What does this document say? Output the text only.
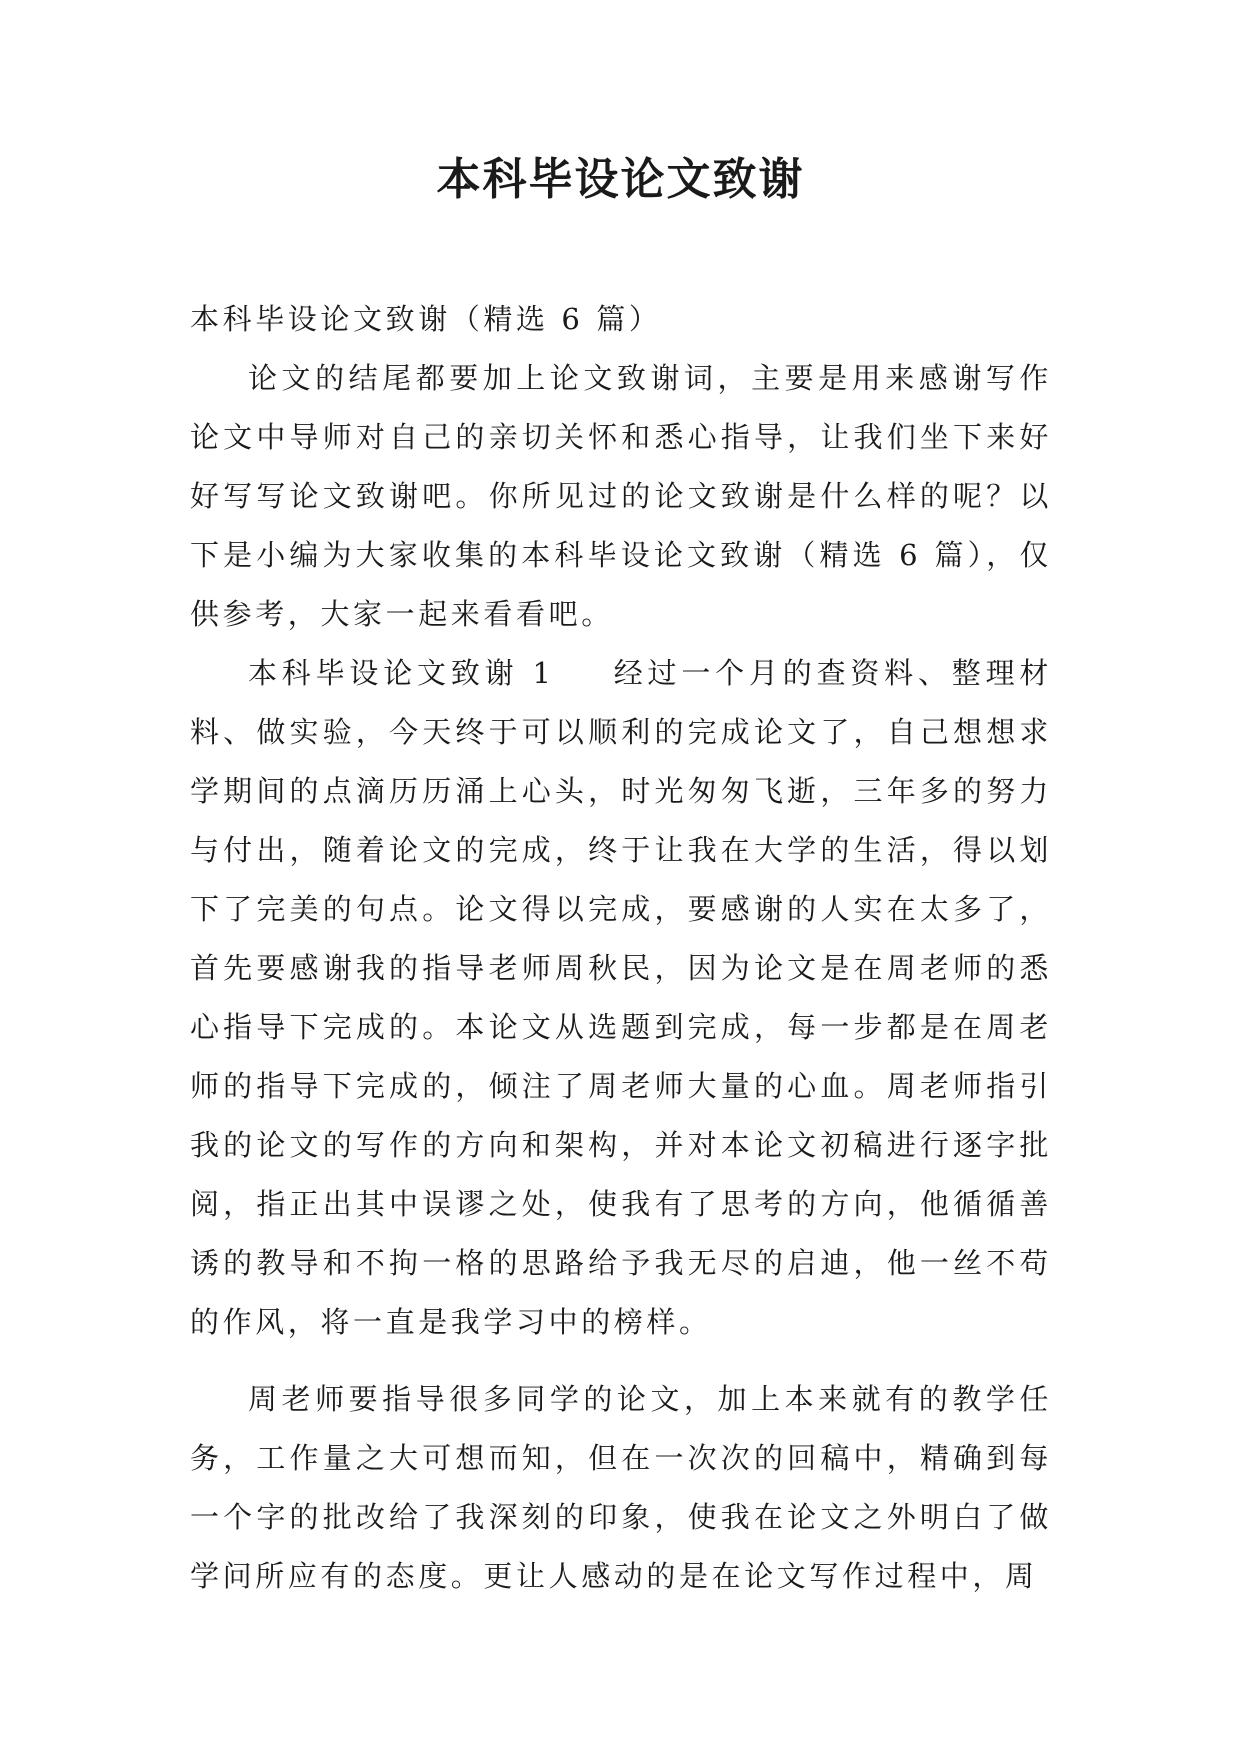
本科毕设论文致谢

本科毕设论文致谢（精选 6 篇）

论文的结尾都要加上论文致谢词，主要是用来感谢写作论文中导师对自己的亲切关怀和悉心指导，让我们坐下来好好写写论文致谢吧。你所见过的论文致谢是什么样的呢？以下是小编为大家收集的本科毕设论文致谢（精选 6 篇），仅供参考，大家一起来看看吧。

本科毕设论文致谢 1 经过一个月的查资料、整理材料、做实验，今天终于可以顺利的完成论文了，自己想想求学期间的点滴历历涌上心头，时光匆匆飞逝，三年多的努力与付出，随着论文的完成，终于让我在大学的生活，得以划下了完美的句点。论文得以完成，要感谢的人实在太多了，首先要感谢我的指导老师周秋民，因为论文是在周老师的悉心指导下完成的。本论文从选题到完成，每一步都是在周老师的指导下完成的，倾注了周老师大量的心血。周老师指引我的论文的写作的方向和架构，并对本论文初稿进行逐字批阅，指正出其中误谬之处，使我有了思考的方向，他循循善诱的教导和不拘一格的思路给予我无尽的启迪，他一丝不苟的作风，将一直是我学习中的榜样。

周老师要指导很多同学的论文，加上本来就有的教学任务，工作量之大可想而知，但在一次次的回稿中，精确到每一个字的批改给了我深刻的印象，使我在论文之外明白了做学问所应有的态度。更让人感动的是在论文写作过程中，周
